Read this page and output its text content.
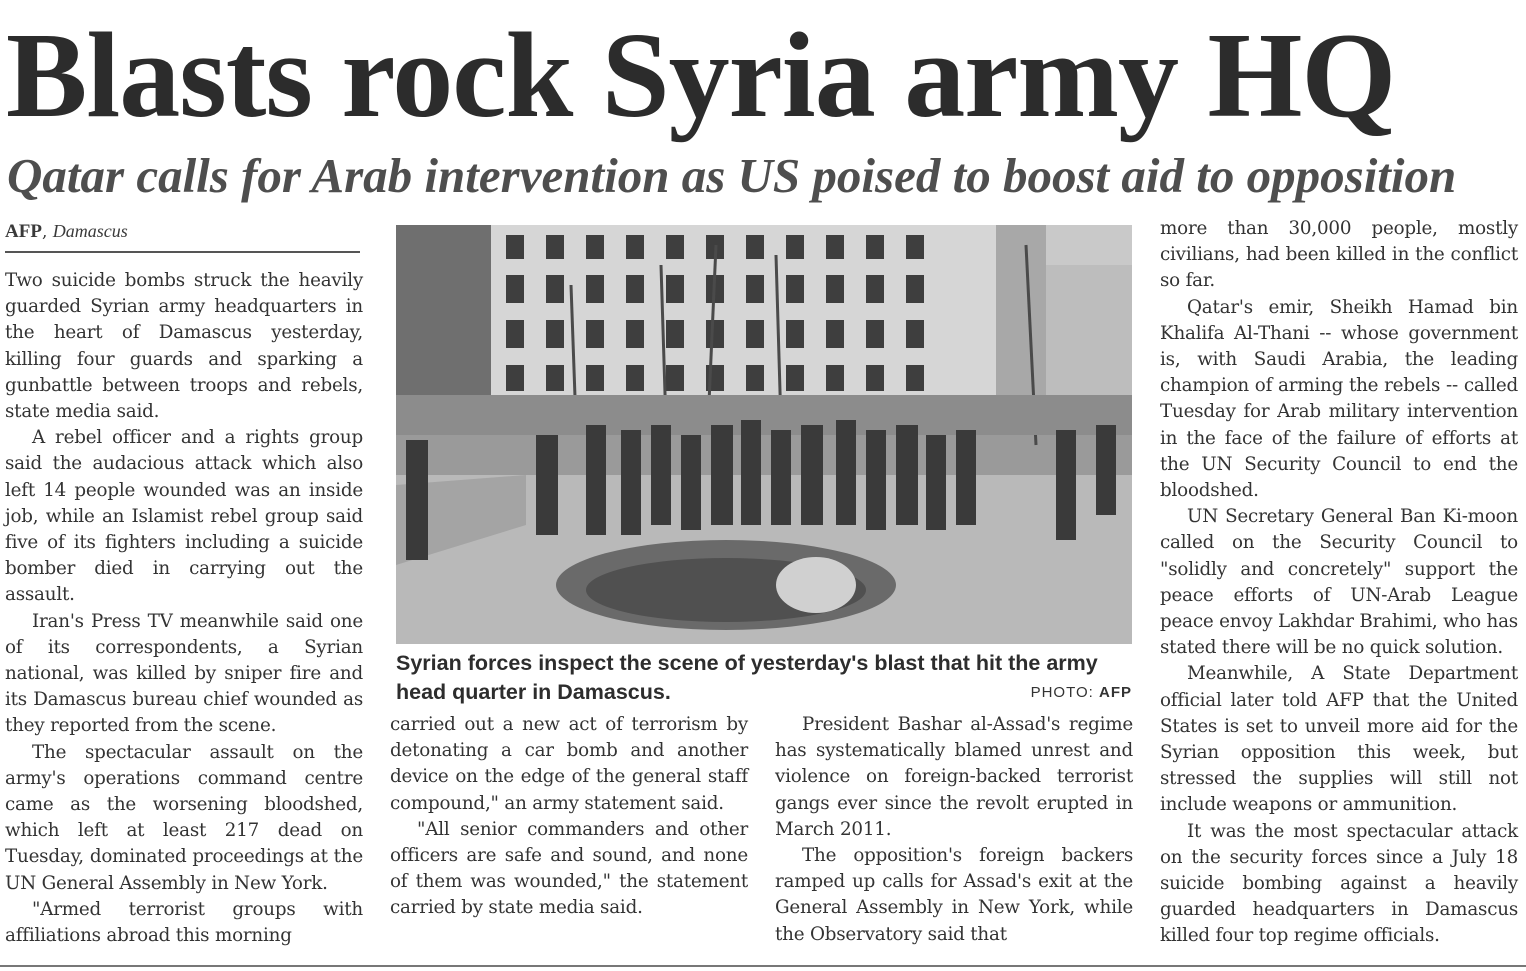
Blasts rock Syria army HQ
Qatar calls for Arab intervention as US poised to boost aid to opposition
AFP, Damascus

Two suicide bombs struck the heavily guarded Syrian army headquarters in the heart of Damascus yesterday, killing four guards and sparking a gunbattle between troops and rebels, state media said.

A rebel officer and a rights group said the audacious attack which also left 14 people wounded was an inside job, while an Islamist rebel group said five of its fighters including a suicide bomber died in carrying out the assault.

Iran's Press TV meanwhile said one of its correspondents, a Syrian national, was killed by sniper fire and its Damascus bureau chief wounded as they reported from the scene.

The spectacular assault on the army's operations command centre came as the worsening bloodshed, which left at least 217 dead on Tuesday, dominated proceedings at the UN General Assembly in New York.

"Armed terrorist groups with affiliations abroad this morning

Syrian forces inspect the scene of yesterday's blast that hit the army head quarter in Damascus.	PHOTO: AFP

carried out a new act of terrorism by detonating a car bomb and another device on the edge of the general staff compound," an army statement said.

"All senior commanders and other officers are safe and sound, and none of them was wounded," the statement carried by state media said.

President Bashar al-Assad's regime has systematically blamed unrest and violence on foreign-backed terrorist gangs ever since the revolt erupted in March 2011.

The opposition's foreign backers ramped up calls for Assad's exit at the General Assembly in New York, while the Observatory said that

more than 30,000 people, mostly civilians, had been killed in the conflict so far.

Qatar's emir, Sheikh Hamad bin Khalifa Al-Thani -- whose government is, with Saudi Arabia, the leading champion of arming the rebels -- called Tuesday for Arab military intervention in the face of the failure of efforts at the UN Security Council to end the bloodshed.

UN Secretary General Ban Ki-moon called on the Security Council to "solidly and concretely" support the peace efforts of UN-Arab League peace envoy Lakhdar Brahimi, who has stated there will be no quick solution.

Meanwhile, A State Department official later told AFP that the United States is set to unveil more aid for the Syrian opposition this week, but stressed the supplies will still not include weapons or ammunition.

It was the most spectacular attack on the security forces since a July 18 suicide bombing against a heavily guarded headquarters in Damascus killed four top regime officials.
